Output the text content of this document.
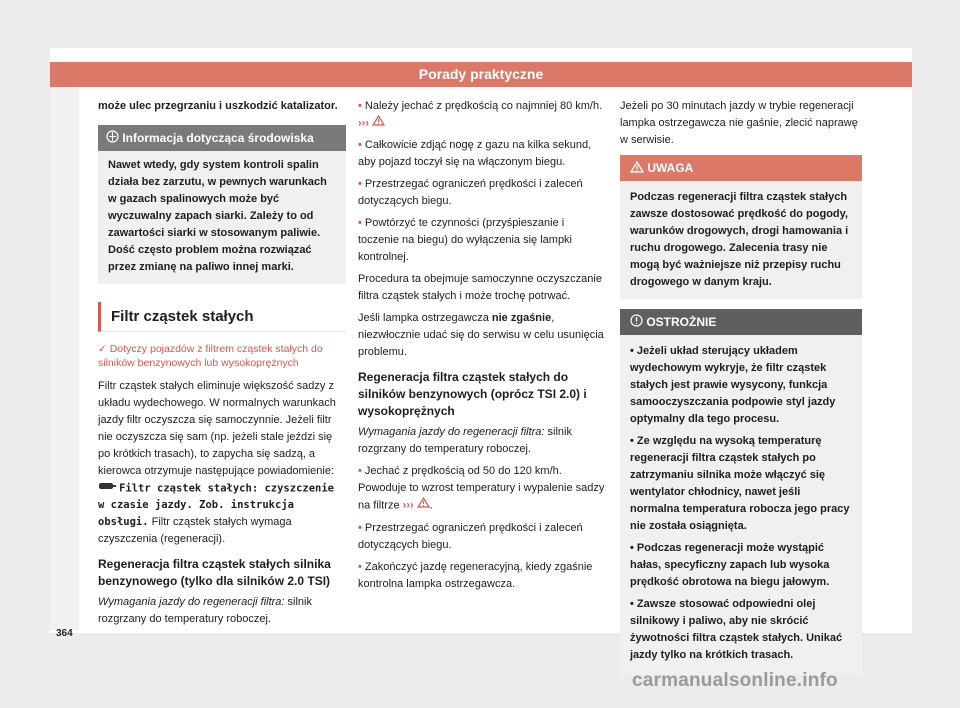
Porady praktyczne
364

może ulec przegrzaniu i uszkodzić katalizator.

Informacja dotycząca środowiska
Nawet wtedy, gdy system kontroli spalin działa bez zarzutu, w pewnych warunkach w gazach spalinowych może być wyczuwalny zapach siarki. Zależy to od zawartości siarki w stosowanym paliwie. Dość często problem można rozwiązać przez zmianę na paliwo innej marki.
Filtr cząstek stałych
✓ Dotyczy pojazdów z filtrem cząstek stałych do silników benzynowych lub wysokoprężnych

Filtr cząstek stałych eliminuje większość sadzy z układu wydechowego. W normalnych warunkach jazdy filtr oczyszcza się samoczynnie. Jeżeli filtr nie oczyszcza się sam (np. jeżeli stale jeździ się po krótkich trasach), to zapycha się sadzą, a kierowca otrzymuje następujące powiadomienie:  Filtr cząstek stałych: czyszczenie w czasie jazdy. Zob. instrukcja obsługi. Filtr cząstek stałych wymaga czyszczenia (regeneracji).

Regeneracja filtra cząstek stałych silnika benzynowego (tylko dla silników 2.0 TSI)

Wymagania jazdy do regeneracji filtra: silnik rozgrzany do temperatury roboczej.

• Należy jechać z prędkością co najmniej 80 km/h. ›››

• Całkowicie zdjąć nogę z gazu na kilka sekund, aby pojazd toczył się na włączonym biegu.

• Przestrzegać ograniczeń prędkości i zaleceń dotyczących biegu.

• Powtórzyć te czynności (przyśpieszanie i toczenie na biegu) do wyłączenia się lampki kontrolnej.

Procedura ta obejmuje samoczynne oczyszczanie filtra cząstek stałych i może trochę potrwać.

Jeśli lampka ostrzegawcza nie zgaśnie, niezwłocznie udać się do serwisu w celu usunięcia problemu.

Regeneracja filtra cząstek stałych do silników benzynowych (oprócz TSI 2.0) i wysokoprężnych

Wymagania jazdy do regeneracji filtra: silnik rozgrzany do temperatury roboczej.

• Jechać z prędkością od 50 do 120 km/h. Powoduje to wzrost temperatury i wypalenie sadzy na filtrze ››› .

• Przestrzegać ograniczeń prędkości i zaleceń dotyczących biegu.

• Zakończyć jazdę regeneracyjną, kiedy zgaśnie kontrolna lampka ostrzegawcza.

Jeżeli po 30 minutach jazdy w trybie regeneracji lampka ostrzegawcza nie gaśnie, zlecić naprawę w serwisie.

UWAGA
Podczas regeneracji filtra cząstek stałych zawsze dostosować prędkość do pogody, warunków drogowych, drogi hamowania i ruchu drogowego. Zalecenia trasy nie mogą być ważniejsze niż przepisy ruchu drogowego w danym kraju.
OSTROŻNIE

• Jeżeli układ sterujący układem wydechowym wykryje, że filtr cząstek stałych jest prawie wysycony, funkcja samooczyszczania podpowie styl jazdy optymalny dla tego procesu.

• Ze względu na wysoką temperaturę regeneracji filtra cząstek stałych po zatrzymaniu silnika może włączyć się wentylator chłodnicy, nawet jeśli normalna temperatura robocza jego pracy nie została osiągnięta.

• Podczas regeneracji może wystąpić hałas, specyficzny zapach lub wysoka prędkość obrotowa na biegu jałowym.

• Zawsze stosować odpowiedni olej silnikowy i paliwo, aby nie skrócić żywotności filtra cząstek stałych. Unikać jazdy tylko na krótkich trasach.

carmanualsonline.info
